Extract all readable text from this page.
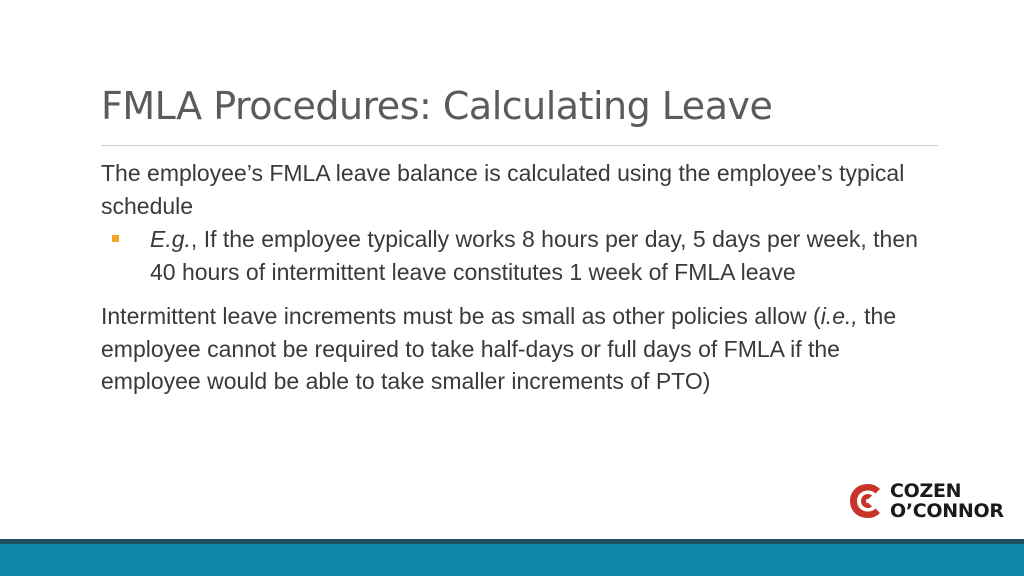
FMLA Procedures: Calculating Leave

The employee’s FMLA leave balance is calculated using the employee’s typical schedule

E.g., If the employee typically works 8 hours per day, 5 days per week, then 40 hours of intermittent leave constitutes 1 week of FMLA leave

Intermittent leave increments must be as small as other policies allow (i.e., the employee cannot be required to take half-days or full days of FMLA if the employee would be able to take smaller increments of PTO)

COZEN
O’CONNOR
